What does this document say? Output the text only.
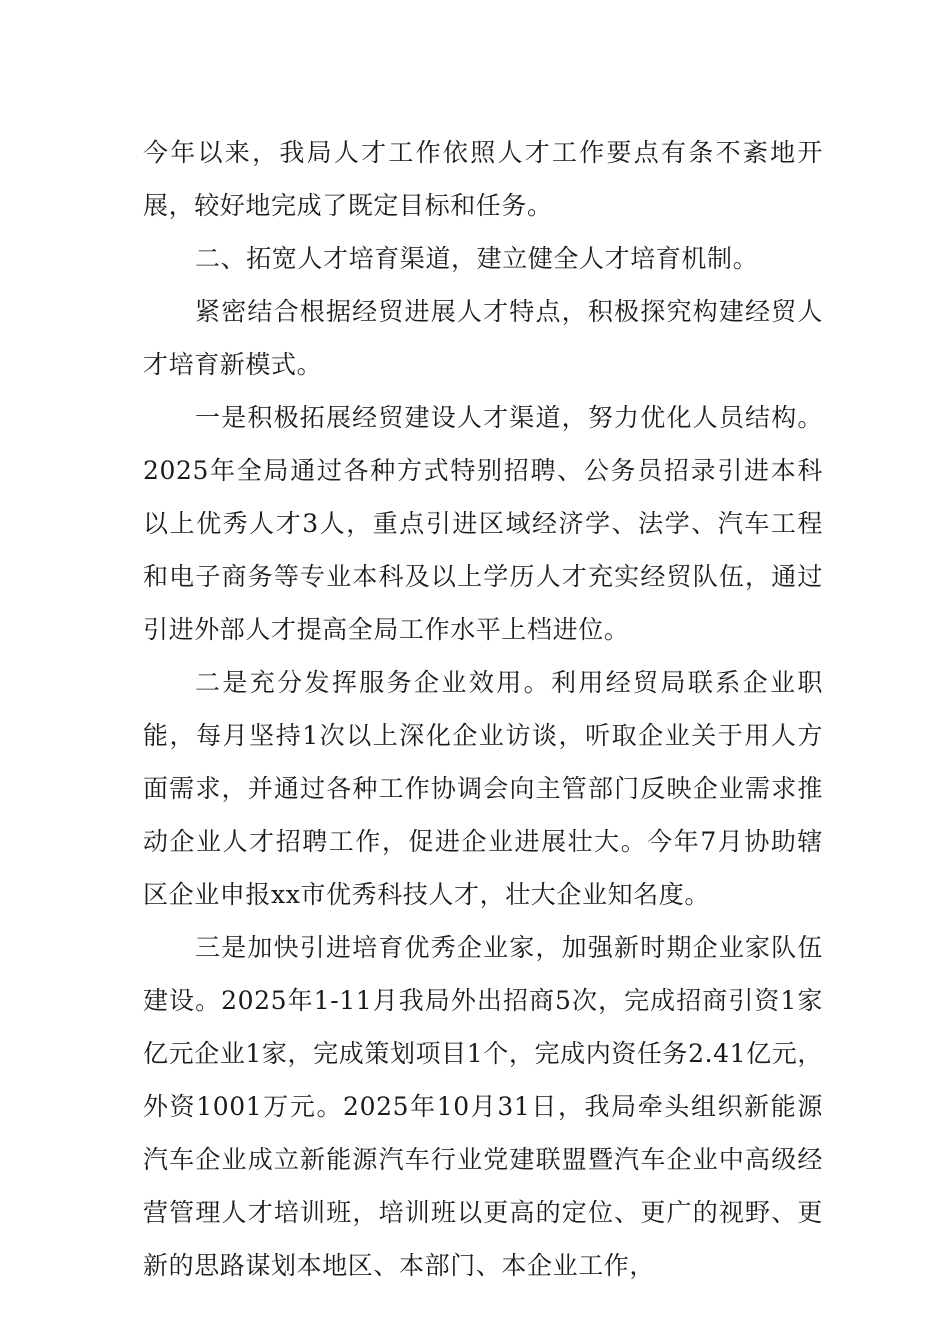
今年以来，我局人才工作依照人才工作要点有条不紊地开展，较好地完成了既定目标和任务。

二、拓宽人才培育渠道，建立健全人才培育机制。

紧密结合根据经贸进展人才特点，积极探究构建经贸人才培育新模式。

一是积极拓展经贸建设人才渠道，努力优化人员结构。2025年全局通过各种方式特别招聘、公务员招录引进本科以上优秀人才3人，重点引进区域经济学、法学、汽车工程和电子商务等专业本科及以上学历人才充实经贸队伍，通过引进外部人才提高全局工作水平上档进位。

二是充分发挥服务企业效用。利用经贸局联系企业职能，每月坚持1次以上深化企业访谈，听取企业关于用人方面需求，并通过各种工作协调会向主管部门反映企业需求推动企业人才招聘工作，促进企业进展壮大。今年7月协助辖区企业申报xx市优秀科技人才，壮大企业知名度。

三是加快引进培育优秀企业家，加强新时期企业家队伍建设。2025年1-11月我局外出招商5次，完成招商引资1家亿元企业1家，完成策划项目1个，完成内资任务2.41亿元，外资1001万元。2025年10月31日，我局牵头组织新能源汽车企业成立新能源汽车行业党建联盟暨汽车企业中高级经营管理人才培训班，培训班以更高的定位、更广的视野、更新的思路谋划本地区、本部门、本企业工作，
